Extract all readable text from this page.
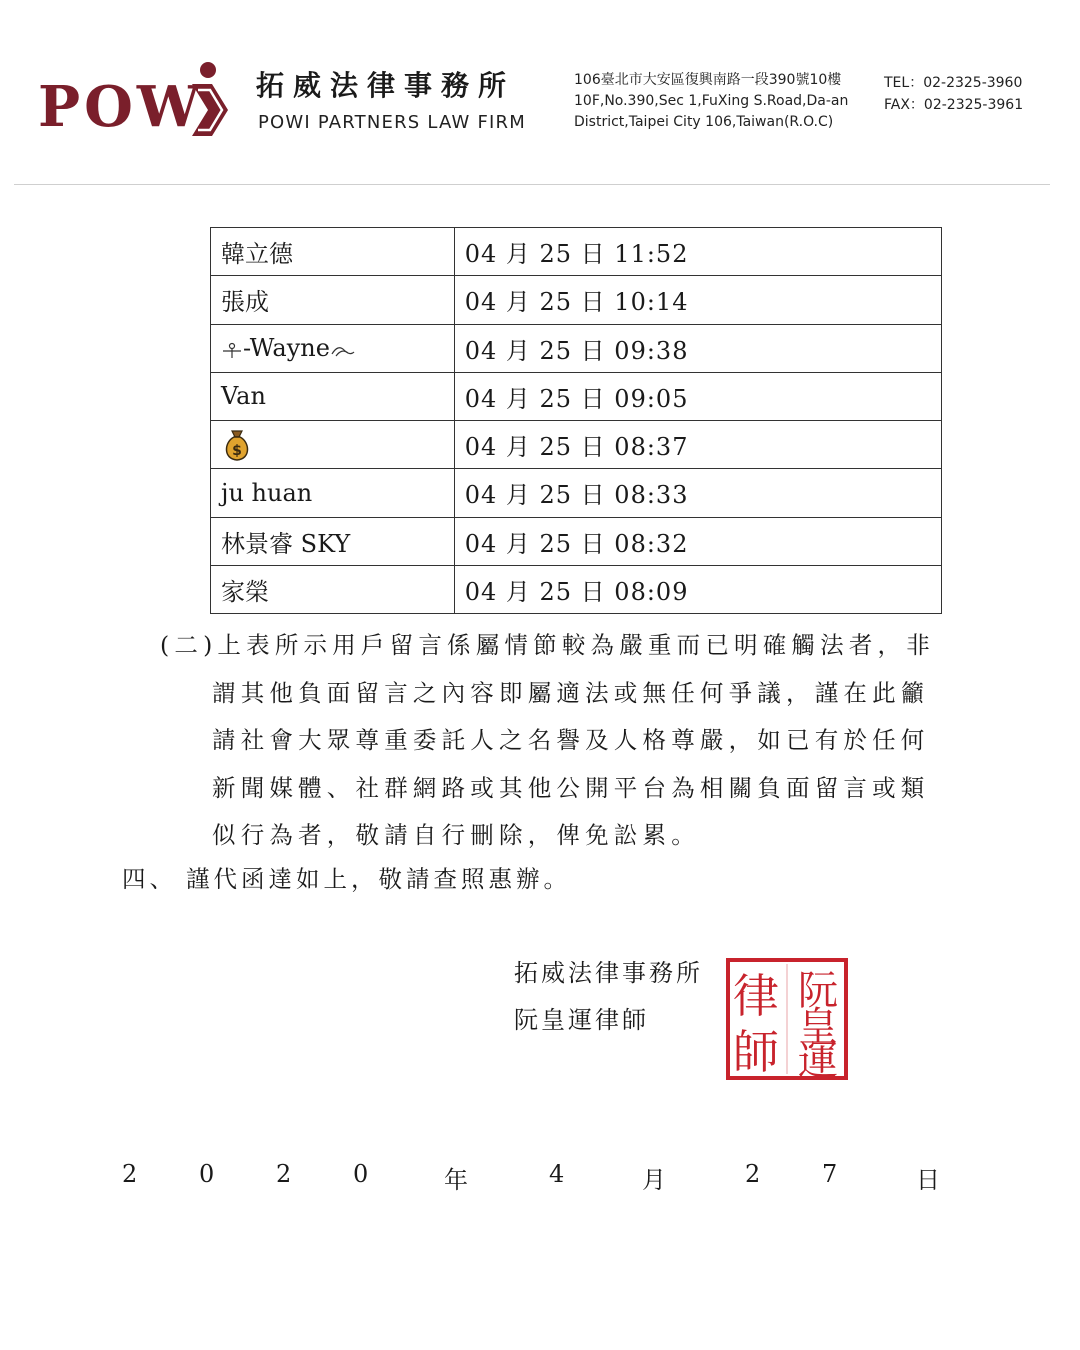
POW 拓威法律事務所
POWI PARTNERS LAW FIRM
106臺北市大安區復興南路一段390號10樓
10F,No.390,Sec 1,FuXing S.Road,Da-an
District,Taipei City 106,Taiwan(R.O.C)
TEL：02-2325-3960
FAX：02-2325-3961
韓立德	04 月 25 日 11:52
張成	04 月 25 日 10:14
-Wayne	04 月 25 日 09:38
Van	04 月 25 日 09:05

$	04 月 25 日 08:37
ju huan	04 月 25 日 08:33
林景睿 SKY	04 月 25 日 08:32
家榮	04 月 25 日 08:09
(二)上表所示用戶留言係屬情節較為嚴重而已明確觸法者，非
謂其他負面留言之內容即屬適法或無任何爭議，謹在此籲
請社會大眾尊重委託人之名譽及人格尊嚴，如已有於任何
新聞媒體、社群網路或其他公開平台為相關負面留言或類
似行為者，敬請自行刪除，俾免訟累。
四、 謹代函達如上，敬請查照惠辦。
拓威法律事務所
阮皇運律師
阮
皇
運
律
師
2	0	2	0	年	4	月	2	7	日
